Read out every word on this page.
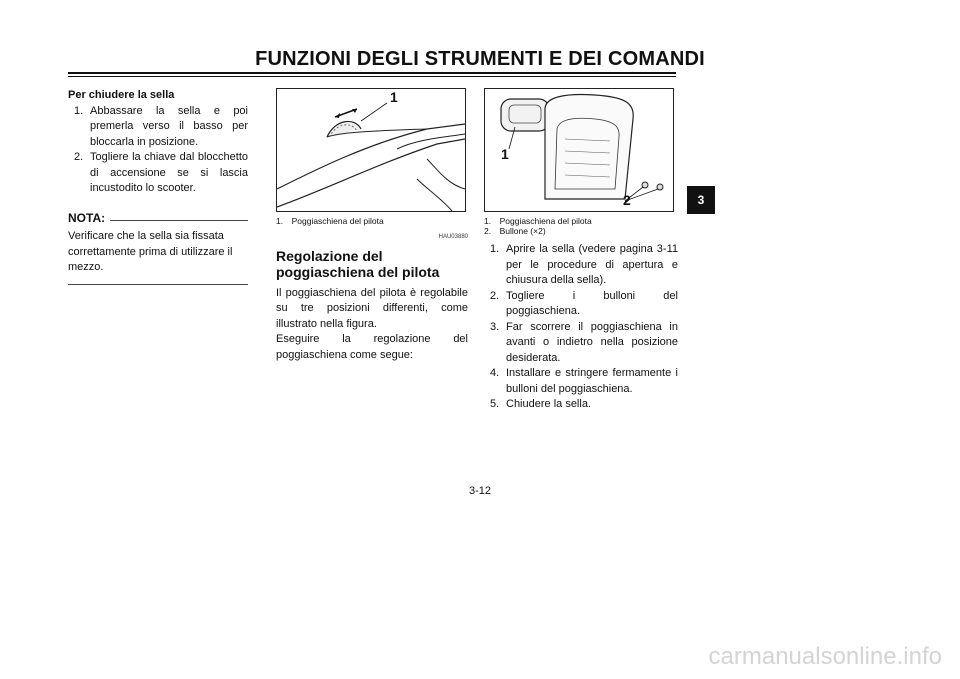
FUNZIONI DEGLI STRUMENTI E DEI COMANDI
Per chiudere la sella
1. Abbassare la sella e poi premerla verso il basso per bloccarla in posizione.
2. Togliere la chiave dal blocchetto di accensione se si lascia incustodito lo scooter.
NOTA:
Verificare che la sella sia fissata correttamente prima di utilizzare il mezzo.
1
1. Poggiaschiena del pilota
HAU03880
Regolazione del poggiaschiena del pilota
Il poggiaschiena del pilota è regolabile su tre posizioni differenti, come illustrato nella figura.
Eseguire la regolazione del poggiaschiena come segue:
1
2
1. Poggiaschiena del pilota
2. Bullone (×2)
1. Aprire la sella (vedere pagina 3-11 per le procedure di apertura e chiusura della sella).
2. Togliere i bulloni del poggiaschiena.
3. Far scorrere il poggiaschiena in avanti o indietro nella posizione desiderata.
4. Installare e stringere fermamente i bulloni del poggiaschiena.
5. Chiudere la sella.
3-12
3
carmanualsonline.info
